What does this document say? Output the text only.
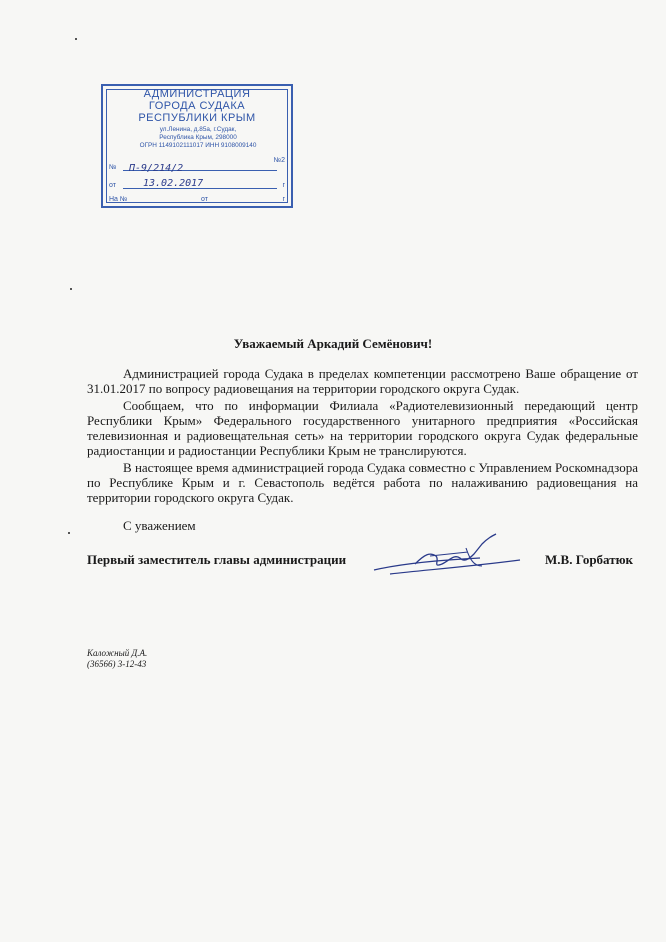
АДМИНИСТРАЦИЯ
ГОРОДА СУДАКА
РЕСПУБЛИКИ КРЫМ
ул.Ленина, д.85а, г.Судак,
Республика Крым, 298000
ОГРН 1149102111017 ИНН 9108009140
№
№2
П-9/214/2
от	г
13.02.2017
На №	от	г
Уважаемый Аркадий Семёнович!
Администрацией города Судака в пределах компетенции рассмотрено Ваше обращение от 31.01.2017 по вопросу радиовещания на территории городского округа Судак.
Сообщаем, что по информации Филиала «Радиотелевизионный передающий центр Республики Крым» Федерального государственного унитарного предприятия «Российская телевизионная и радиовещательная сеть» на территории городского округа Судак федеральные радиостанции и радиостанции Республики Крым не транслируются.
В настоящее время администрацией города Судака совместно с Управлением Роскомнадзора по Республике Крым и г. Севастополь ведётся работа по налаживанию радиовещания на территории городского округа Судак.
С уважением
Первый заместитель главы администрации	М.В. Горбатюк
Каложный Д.А.
(36566) 3-12-43
